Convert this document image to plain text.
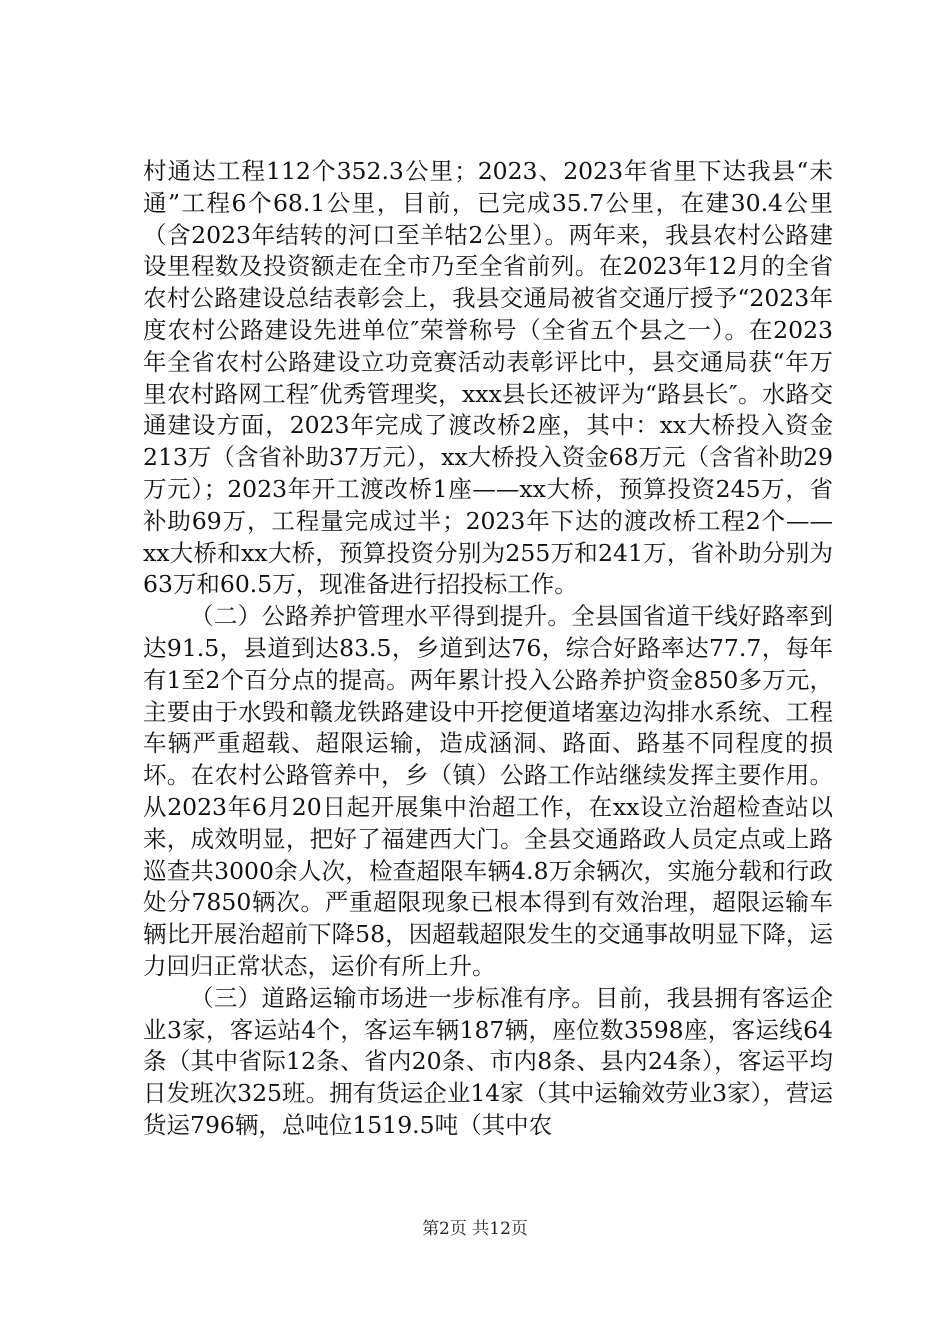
村通达工程112个352.3公里；2023、2023年省里下达我县“未通”工程6个68.1公里，目前，已完成35.7公里，在建30.4公里（含2023年结转的河口至羊牯2公里）。两年来，我县农村公路建设里程数及投资额走在全市乃至全省前列。在2023年12月的全省农村公路建设总结表彰会上，我县交通局被省交通厅授予“2023年度农村公路建设先进单位″荣誉称号（全省五个县之一）。在2023年全省农村公路建设立功竞赛活动表彰评比中，县交通局获“年万里农村路网工程″优秀管理奖，xxx县长还被评为“路县长″。水路交通建设方面，2023年完成了渡改桥2座，其中：xx大桥投入资金213万（含省补助37万元），xx大桥投入资金68万元（含省补助29万元）；2023年开工渡改桥1座——xx大桥，预算投资245万，省补助69万，工程量完成过半；2023年下达的渡改桥工程2个——xx大桥和xx大桥，预算投资分别为255万和241万，省补助分别为63万和60.5万，现准备进行招投标工作。

（二）公路养护管理水平得到提升。全县国省道干线好路率到达91.5，县道到达83.5，乡道到达76，综合好路率达77.7，每年有1至2个百分点的提高。两年累计投入公路养护资金850多万元，主要由于水毁和赣龙铁路建设中开挖便道堵塞边沟排水系统、工程车辆严重超载、超限运输，造成涵洞、路面、路基不同程度的损坏。在农村公路管养中，乡（镇）公路工作站继续发挥主要作用。从2023年6月20日起开展集中治超工作，在xx设立治超检查站以来，成效明显，把好了福建西大门。全县交通路政人员定点或上路巡查共3000余人次，检查超限车辆4.8万余辆次，实施分载和行政处分7850辆次。严重超限现象已根本得到有效治理，超限运输车辆比开展治超前下降58，因超载超限发生的交通事故明显下降，运力回归正常状态，运价有所上升。

（三）道路运输市场进一步标准有序。目前，我县拥有客运企业3家，客运站4个，客运车辆187辆，座位数3598座，客运线64条（其中省际12条、省内20条、市内8条、县内24条），客运平均日发班次325班。拥有货运企业14家（其中运输效劳业3家），营运货运796辆，总吨位1519.5吨（其中农

第2页 共12页
